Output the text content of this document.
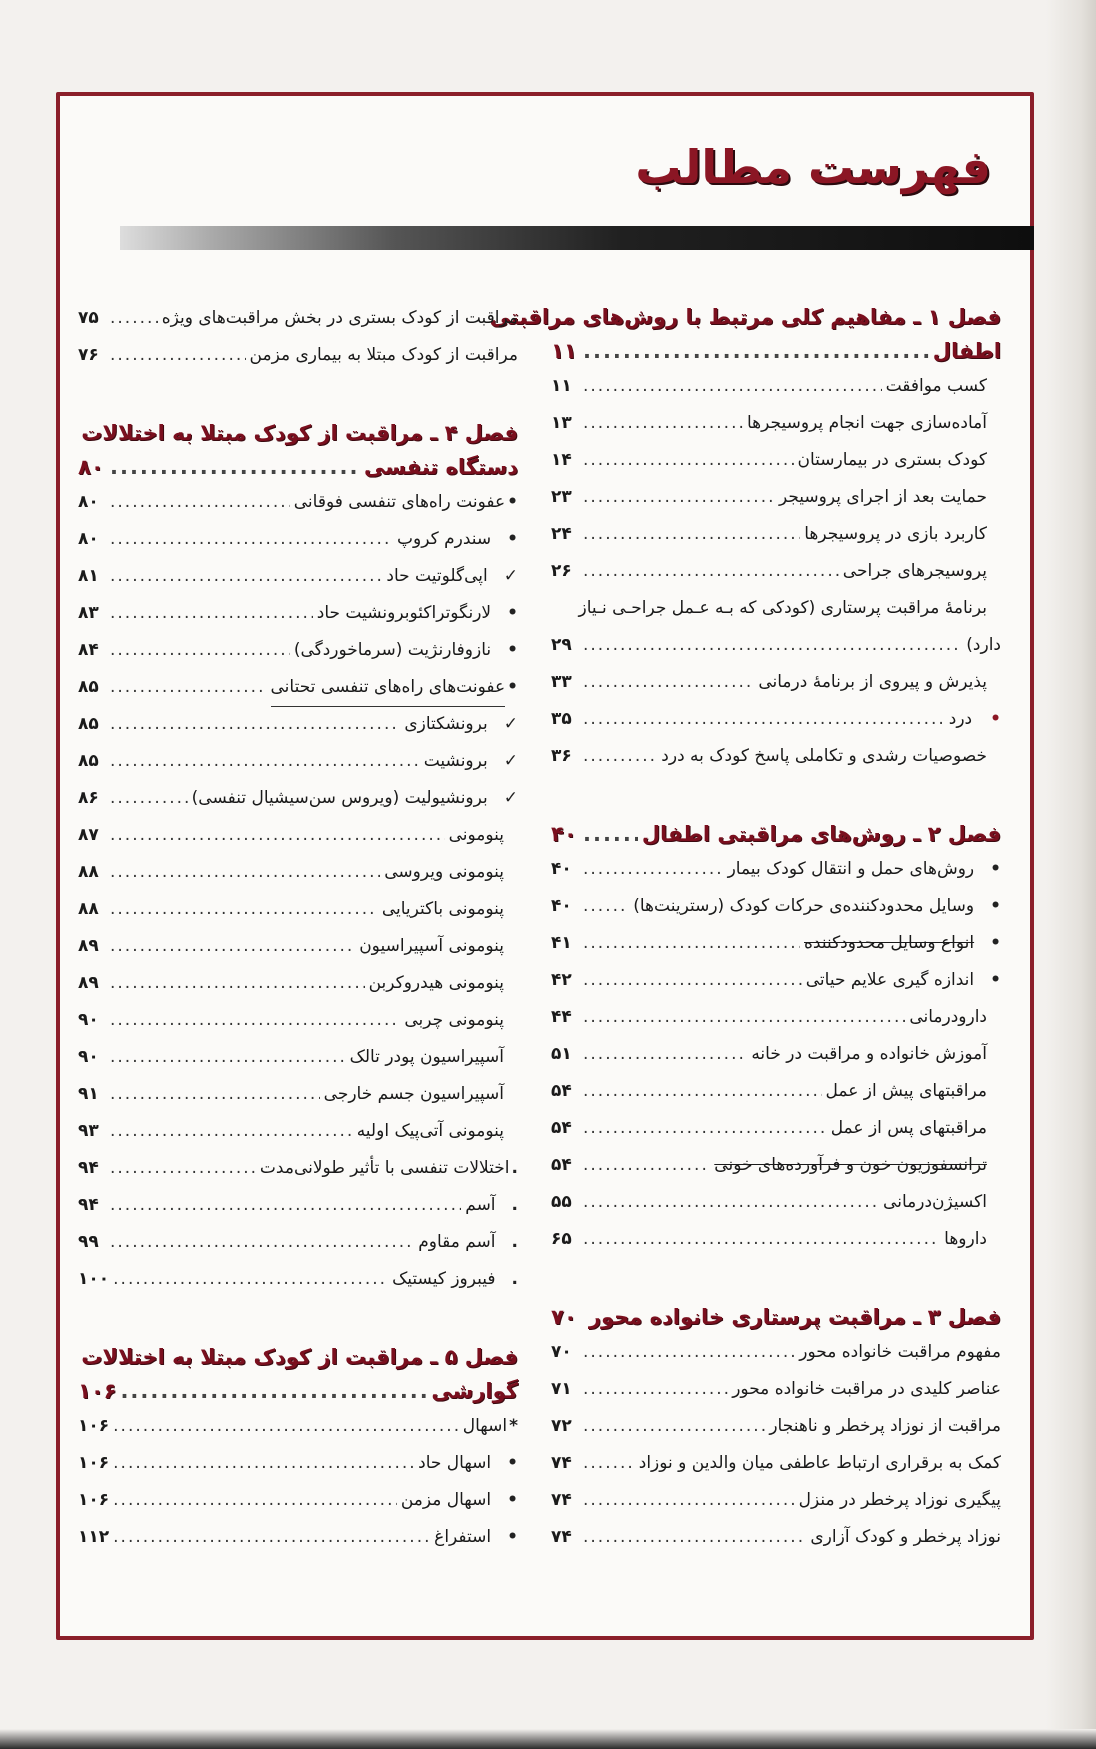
فهرست مطالب
فصل ۱ ـ مفاهیم کلی مرتبط با روش‌های مراقبتی
اطفال
.....
۱۱
کسب موافقت
.....
۱۱
آماده‌سازی جهت انجام پروسیجرها
.....
۱۳
کودک بستری در بیمارستان
.....
۱۴
حمایت بعد از اجرای پروسیجر
.....
۲۳
کاربرد بازی در پروسیجرها
.....
۲۴
پروسیجرهای جراحی
.....
۲۶
برنامهٔ مراقبت پرستاری (کودکی که بـه عـمل جراحـی نـیاز
دارد)
.....
۲۹
پذیرش و پیروی از برنامهٔ درمانی
.....
۳۳
•
درد
.....
۳۵
خصوصیات رشدی و تکاملی پاسخ کودک به درد
.....
۳۶
فصل ۲ ـ روش‌های مراقبتی اطفال
.....
۴۰
•
روش‌های حمل و انتقال کودک بیمار
.....
۴۰
•
وسایل محدودکننده‌ی حرکات کودک (رسترینت‌ها)
.....
۴۰
•
انواع وسایل محدودکننده
.....
۴۱
•
اندازه گیری علایم حیاتی
.....
۴۲
دارودرمانی
.....
۴۴
آموزش خانواده و مراقبت در خانه
.....
۵۱
مراقبتهای پیش از عمل
.....
۵۴
مراقبتهای پس از عمل
.....
۵۴
ترانسفوزیون خون و فرآورده‌های خونی
.....
۵۴
اکسیژن‌درمانی
.....
۵۵
داروها
.....
۶۵
فصل ۳ ـ مراقبت پرستاری خانواده محور
.....
۷۰
مفهوم مراقبت خانواده محور
.....
۷۰
عناصر کلیدی در مراقبت خانواده محور
.....
۷۱
مراقبت از نوزاد پرخطر و ناهنجار
.....
۷۲
کمک به برقراری ارتباط عاطفی میان والدین و نوزاد
.....
۷۴
پیگیری نوزاد پرخطر در منزل
.....
۷۴
نوزاد پرخطر و کودک آزاری
.....
۷۴
مراقبت از کودک بستری در بخش مراقبت‌های ویژه
.....
۷۵
مراقبت از کودک مبتلا به بیماری مزمن
.....
۷۶
فصل ۴ ـ مراقبت از کودک مبتلا به اختلالات
دستگاه تنفسی
.....
۸۰
•
عفونت راه‌های تنفسی فوقانی
.....
۸۰
•
سندرم کروپ
.....
۸۰
✓
اپی‌گلوتیت حاد
.....
۸۱
•
لارنگوتراکئوبرونشیت حاد
.....
۸۳
•
نازوفارنژیت (سرماخوردگی)
.....
۸۴
•
عفونت‌های راه‌های تنفسی تحتانی
.....
۸۵
✓
برونشکتازی
.....
۸۵
✓
برونشیت
.....
۸۵
✓
برونشیولیت (ویروس سن‌سیشیال تنفسی)
.....
۸۶
پنومونی
.....
۸۷
پنومونی ویروسی
.....
۸۸
پنومونی باکتریایی
.....
۸۸
پنومونی آسپیراسیون
.....
۸۹
پنومونی هیدروکربن
.....
۸۹
پنومونی چربی
.....
۹۰
آسپیراسیون پودر تالک
.....
۹۰
آسپیراسیون جسم خارجی
.....
۹۱
پنومونی آتی‌پیک اولیه
.....
۹۳
.
اختلالات تنفسی با تأثیر طولانی‌مدت
.....
۹۴
.
آسم
.....
۹۴
.
آسم مقاوم
.....
۹۹
.
فیبروز کیستیک
.....
۱۰۰
فصل ۵ ـ مراقبت از کودک مبتلا به اختلالات
گوارشی
.....
۱۰۶
*
اسهال
.....
۱۰۶
•
اسهال حاد
.....
۱۰۶
•
اسهال مزمن
.....
۱۰۶
•
استفراغ
.....
۱۱۲
